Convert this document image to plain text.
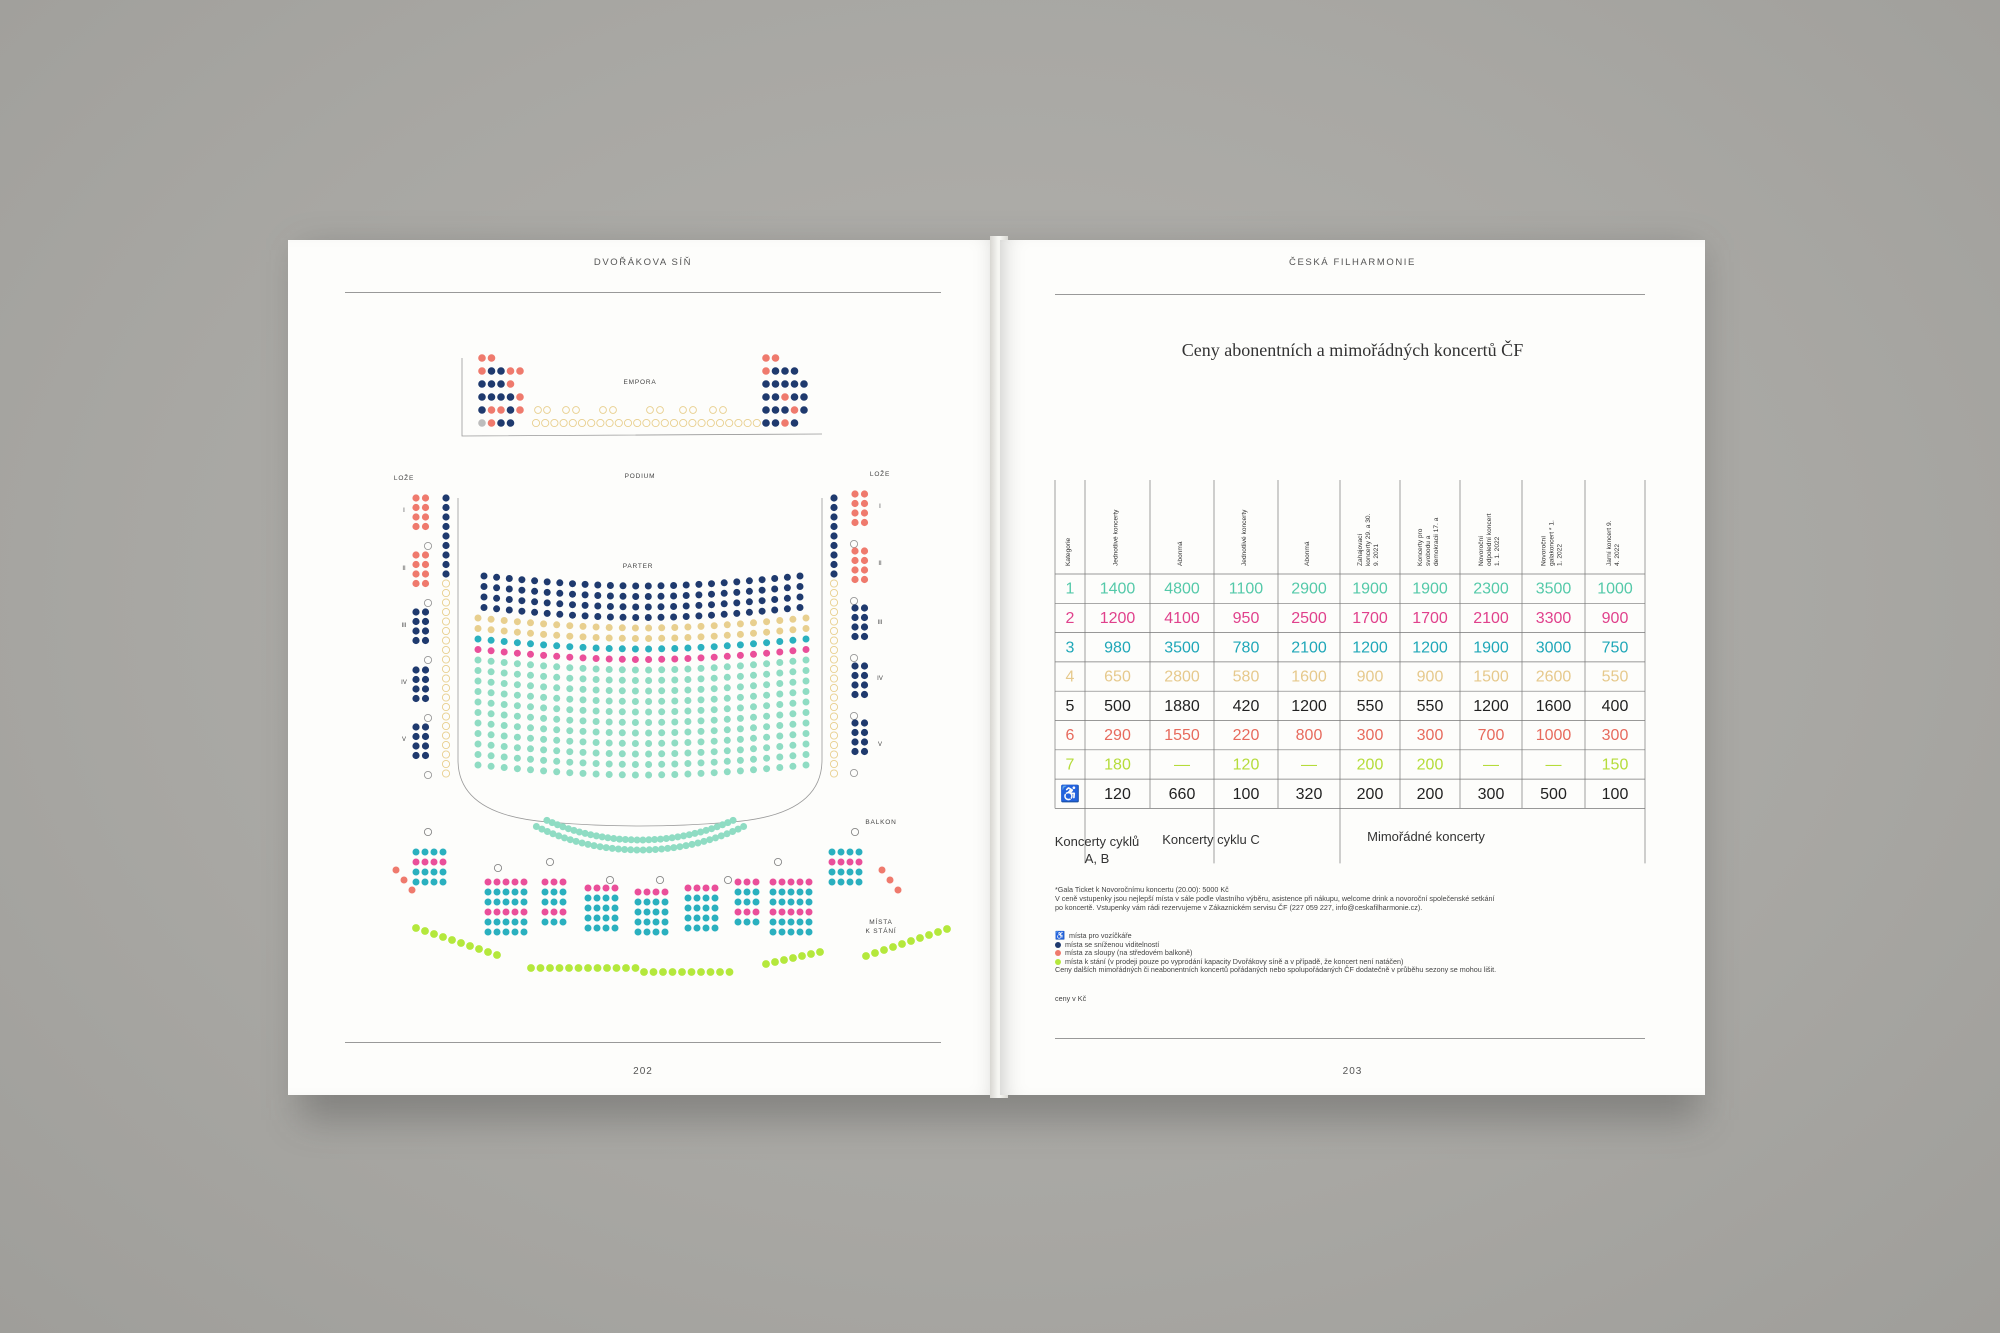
DVOŘÁKOVA SÍŇ
EMPORA
PODIUM
LOŽE
LOŽE
PARTER
BALKON
MÍSTA
K STÁNÍ
I
II
III
IV
V
I
II
III
IV
V
202
ČESKÁ FILHARMONIE
Ceny abonentních a mimořádných koncertů ČF
Kategorie	Jednotlivé koncerty	Abonmá	Jednotlivé koncerty	Abonmá	Zahajovací koncerty 29. a 30. 9. 2021	Koncerty pro svobodu a demokracii 17. a	Novoroční odpolední koncert 1. 1. 2022	Novoroční galakoncert * 1. 1. 2022	Jarní koncert 9. 4. 2022
1 1400 4800 1100 2900 1900 1900 2300 3500 1000
2 1200 4100 950 2500 1700 1700 2100 3300 900
3 980 3500 780 2100 1200 1200 1900 3000 750
4 650 2800 580 1600 900 900 1500 2600 550
5 500 1880 420 1200 550 550 1200 1600 400
6 290 1550 220 800 300 300 700 1000 300
7 180	—	120	— 200 200 —	—	150
♿ 120 660 100 320 200 200 300 500 100
Koncerty cyklů
A, B
Koncerty cyklu C	Mimořádné koncerty

*Gala Ticket k Novoročnímu koncertu (20.00): 5000 Kč

V ceně vstupenky jsou nejlepší místa v sále podle vlastního výběru, asistence při nákupu, welcome drink a novoroční společenské setkání

po koncertě. Vstupenky vám rádi rezervujeme v Zákaznickém servisu ČF (227 059 227, info@ceskafilharmonie.cz).

♿ místa pro vozíčkáře
místa se sníženou viditelností
místa za sloupy (na středovém balkoně)
místa k stání (v prodeji pouze po vyprodání kapacity Dvořákovy síně a v případě, že koncert není natáčen)
Ceny dalších mimořádných či neabonentních koncertů pořádaných nebo spolupořádaných ČF dodatečně v průběhu sezony se mohou lišit.
ceny v Kč
203
